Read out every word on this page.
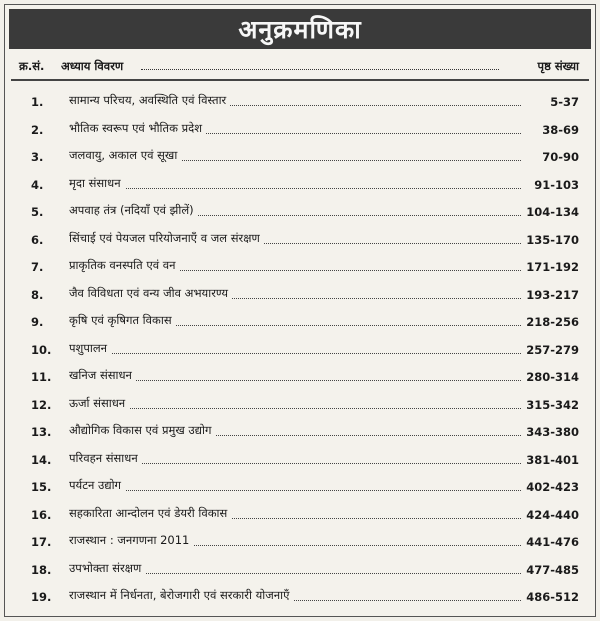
अनुक्रमणिका
क्र.सं. अध्याय विवरण	पृष्ठ संख्या
1. सामान्य परिचय, अवस्थिति एवं विस्तार	5-37
2. भौतिक स्वरूप एवं भौतिक प्रदेश	38-69
3. जलवायु, अकाल एवं सूखा	70-90
4. मृदा संसाधन	91-103
5. अपवाह तंत्र (नदियाँ एवं झीलें)	104-134
6. सिंचाई एवं पेयजल परियोजनाएँ व जल संरक्षण	135-170
7. प्राकृतिक वनस्पति एवं वन	171-192
8. जैव विविधता एवं वन्य जीव अभयारण्य	193-217
9. कृषि एवं कृषिगत विकास	218-256
10. पशुपालन	257-279
11. खनिज संसाधन	280-314
12. ऊर्जा संसाधन	315-342
13. औद्योगिक विकास एवं प्रमुख उद्योग	343-380
14. परिवहन संसाधन	381-401
15. पर्यटन उद्योग	402-423
16. सहकारिता आन्दोलन एवं डेयरी विकास	424-440
17. राजस्थान : जनगणना 2011	441-476
18. उपभोक्ता संरक्षण	477-485
19. राजस्थान में निर्धनता, बेरोजगारी एवं सरकारी योजनाएँ	486-512
